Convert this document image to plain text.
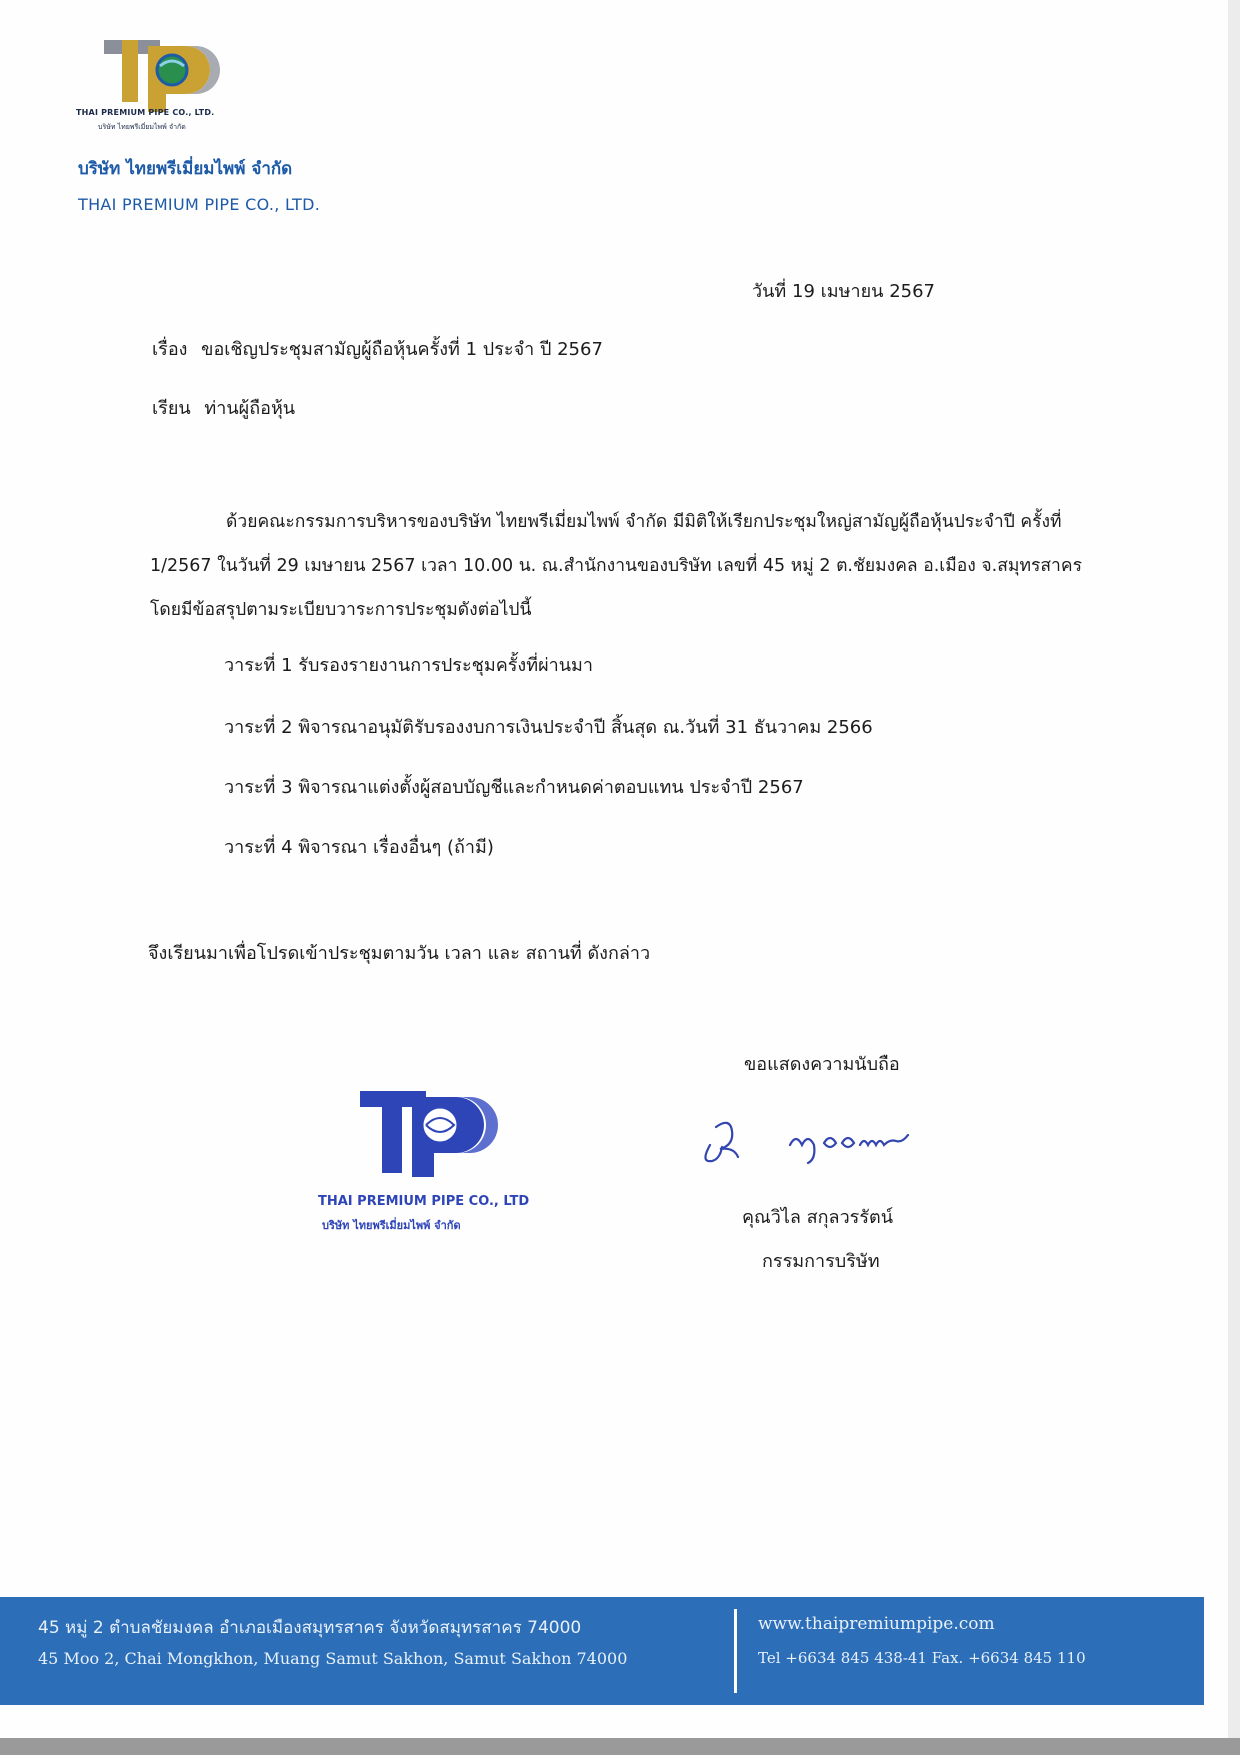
THAI PREMIUM PIPE CO., LTD.
บริษัท ไทยพรีเมี่ยมไพพ์ จำกัด
บริษัท ไทยพรีเมี่ยมไพพ์ จำกัด
THAI PREMIUM PIPE CO., LTD.
วันที่ 19 เมษายน 2567
เรื่อง ขอเชิญประชุมสามัญผู้ถือหุ้นครั้งที่ 1 ประจำ ปี 2567
เรียน ท่านผู้ถือหุ้น
ด้วยคณะกรรมการบริหารของบริษัท ไทยพรีเมี่ยมไพพ์ จำกัด มีมิติให้เรียกประชุมใหญ่สามัญผู้ถือหุ้นประจำปี ครั้งที่ 1/2567 ในวันที่ 29 เมษายน 2567 เวลา 10.00 น. ณ.สำนักงานของบริษัท เลขที่ 45 หมู่ 2 ต.ชัยมงคล อ.เมือง จ.สมุทรสาคร โดยมีข้อสรุปตามระเบียบวาระการประชุมดังต่อไปนี้
วาระที่ 1 รับรองรายงานการประชุมครั้งที่ผ่านมา
วาระที่ 2 พิจารณาอนุมัติรับรองงบการเงินประจำปี สิ้นสุด ณ.วันที่ 31 ธันวาคม 2566
วาระที่ 3 พิจารณาแต่งตั้งผู้สอบบัญชีและกำหนดค่าตอบแทน ประจำปี 2567
วาระที่ 4 พิจารณา เรื่องอื่นๆ (ถ้ามี)
จึงเรียนมาเพื่อโปรดเข้าประชุมตามวัน เวลา และ สถานที่ ดังกล่าว
ขอแสดงความนับถือ
คุณวิไล สกุลวรรัตน์
กรรมการบริษัท
THAI PREMIUM PIPE CO., LTD
บริษัท ไทยพรีเมี่ยมไพพ์ จำกัด
45 หมู่ 2 ตำบลชัยมงคล อำเภอเมืองสมุทรสาคร จังหวัดสมุทรสาคร 74000
45 Moo 2, Chai Mongkhon, Muang Samut Sakhon, Samut Sakhon 74000
www.thaipremiumpipe.com
Tel +6634 845 438-41 Fax. +6634 845 110
